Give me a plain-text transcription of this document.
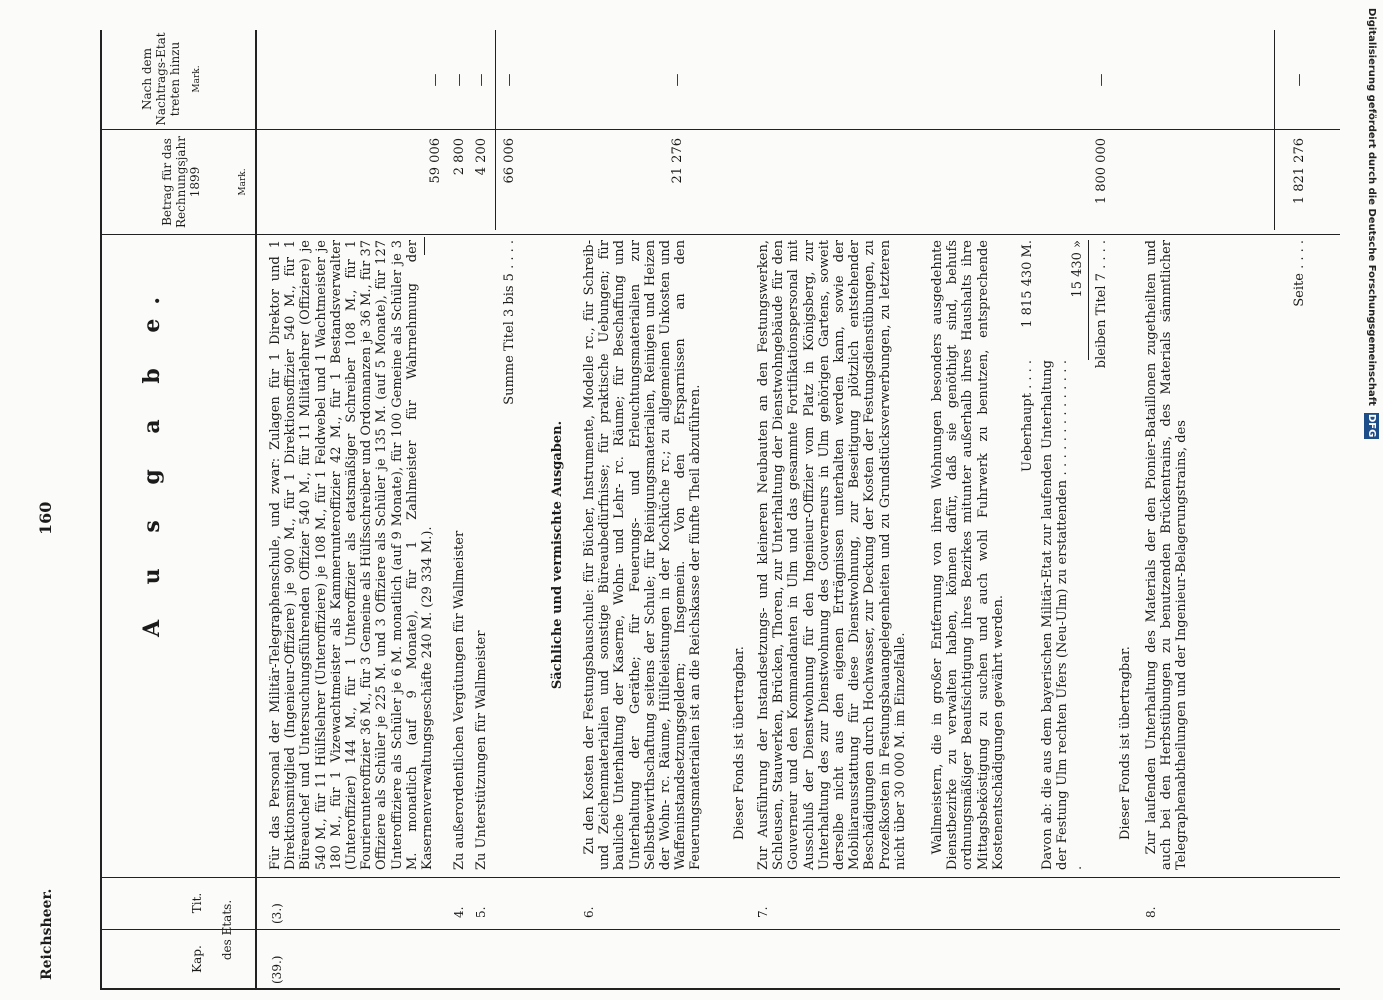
Digitalisierung gefördert durch die Deutsche Forschungsgemeinschaft DFG
Reichsheer.
160
Kap.
Tit. des Etats.
A u s g a b e.
Betrag für das Rechnungsjahr 1899	Mark.
Nach dem Nachtrags-Etat treten hinzu Mark.
(39.)
(3.)
Für das Personal der Militär-Telegraphenschule, und zwar: Zulagen für 1 Direktor und 1 Direktionsmitglied (Ingenieur-Offiziere) je 900 M., für 1 Direktionsoffizier 540 M., für 1 Büreauchef und Untersuchungsführenden Offizier 540 M., für 11 Militärlehrer (Offiziere) je 540 M., für 11 Hülfslehrer (Unteroffiziere) je 108 M., für 1 Feldwebel und 1 Wachtmeister je 180 M., für 1 Vizewachtmeister als Kammerunteroffizier 42 M., für 1 Bestandsverwalter (Unteroffizier) 144 M., für 1 Unteroffizier als etatsmäßiger Schreiber 108 M., für 1 Fourierunteroffizier 36 M., für 3 Gemeine als Hülfsschreiber und Ordonnanzen je 36 M., für 37 Offiziere als Schüler je 225 M. und 3 Offiziere als Schüler je 135 M. (auf 5 Monate), für 127 Unteroffiziere als Schüler je 6 M. monatlich (auf 9 Monate), für 100 Gemeine als Schüler je 3 M. monatlich (auf 9 Monate), für 1 Zahlmeister für Wahrnehmung der Kasernenverwaltungsgeschäfte 240 M. (29 334 M.).
59 006
—
4.
Zu außerordentlichen Vergütungen für Wallmeister
2 800
—
5.
Zu Unterstützungen für Wallmeister
4 200
—
Summe Titel 3 bis 5 . . . .
66 006
—
Sächliche und vermischte Ausgaben.
6.
Zu den Kosten der Festungsbauschule: für Bücher, Instrumente, Modelle rc., für Schreib- und Zeichenmaterialien und sonstige Büreaubedürfnisse; für praktische Uebungen; für bauliche Unterhaltung der Kaserne, Wohn- und Lehr- rc. Räume; für Beschaffung und Unterhaltung der Geräthe; für Feuerungs- und Erleuchtungsmaterialien zur Selbstbewirthschaftung seitens der Schule; für Reinigungsmaterialien, Reinigen und Heizen der Wohn- rc. Räume, Hülfeleistungen in der Kochküche rc.; zu allgemeinen Unkosten und Waffeninstandsetzungsgeldern; Insgemein. Von den Ersparnissen an den Feuerungsmaterialien ist an die Reichskasse der fünfte Theil abzuführen. Dieser Fonds ist übertragbar.
21 276
—
7.
Zur Ausführung der Instandsetzungs- und kleineren Neubauten an den Festungswerken, Schleusen, Stauwerken, Brücken, Thoren, zur Unterhaltung der Dienstwohngebäude für den Gouverneur und den Kommandanten in Ulm und das gesammte Fortifikationspersonal mit Ausschluß der Dienstwohnung für den Ingenieur-Offizier vom Platz in Königsberg, zur Unterhaltung des zur Dienstwohnung des Gouverneurs in Ulm gehörigen Gartens, soweit derselbe nicht aus den eigenen Erträgnissen unterhalten werden kann, sowie der Mobiliarausstattung für diese Dienstwohnung, zur Beseitigung plötzlich entstehender Beschädigungen durch Hochwasser, zur Deckung der Kosten der Festungsdienstübungen, zu Prozeßkosten in Festungsbauangelegenheiten und zu Grundstücksverwerbungen, zu letzteren nicht über 30 000 M. im Einzelfalle. Wallmeistern, die in großer Entfernung von ihren Wohnungen besonders ausgedehnte Dienstbezirke zu verwalten haben, können dafür, daß sie genöthigt sind, behufs ordnungsmäßiger Beaufsichtigung ihres Bezirkes mitunter außerhalb ihres Haushalts ihre Mittagsbeköstigung zu suchen und auch wohl Fuhrwerk zu benutzen, entsprechende Kostenentschädigungen gewährt werden.
Ueberhaupt . . . .
1 815 430 M.
Davon ab: die aus dem bayerischen Militär-Etat zur laufenden Unterhaltung der Festung Ulm rechten Ufers (Neu-Ulm) zu erstattenden . . . . . . . . . . . . . . .
15 430 » bleiben Titel 7 . . . .
1 800 000
—
Dieser Fonds ist übertragbar.
8.
Zur laufenden Unterhaltung des Materials der den Pionier-Bataillonen zugetheilten und auch bei den Herbstübungen zu benutzenden Brückentrains, des Materials sämmtlicher Telegraphenabtheilungen und der Ingenieur-Belagerungstrains, des
Seite . . . .
1 821 276
—
